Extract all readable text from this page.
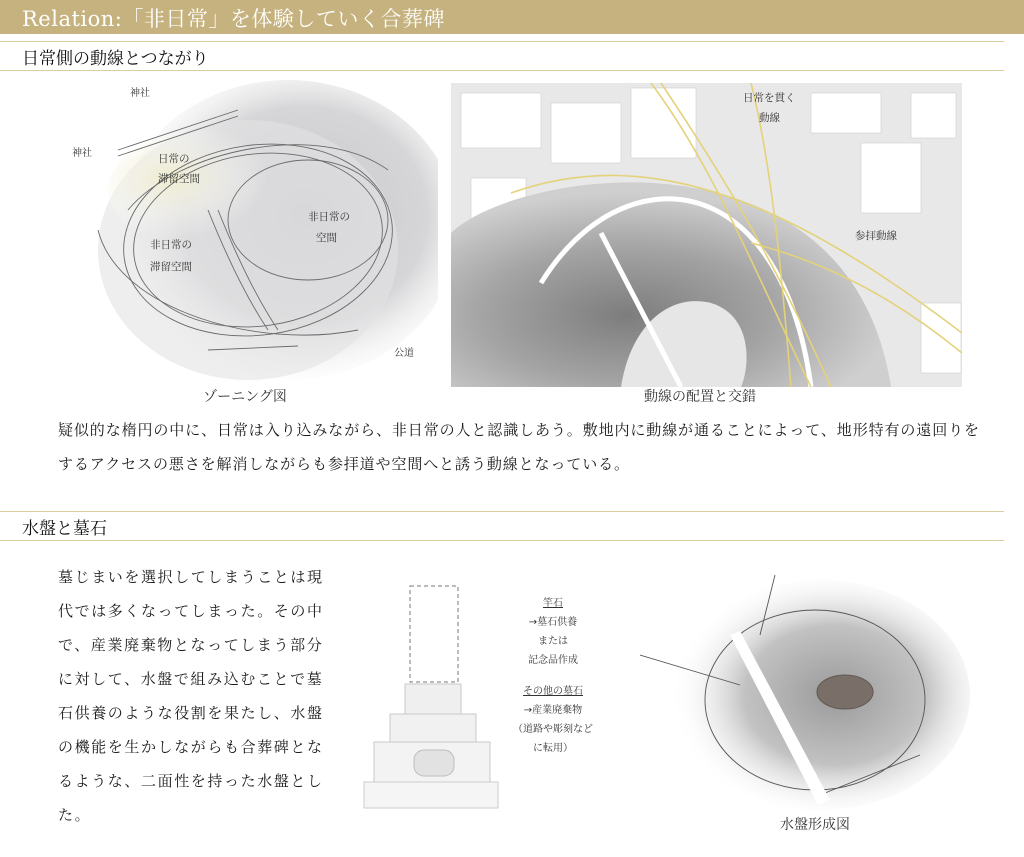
Relation:「非日常」を体験していく合葬碑
日常側の動線とつながり
神社
神社	日常の
滞留空間
非日常の
滞留空間
非日常の
空間
公道
ゾーニング図
日常を貫く
動線
参拝動線
動線の配置と交錯
疑似的な楕円の中に、日常は入り込みながら、非日常の人と認識しあう。敷地内に動線が通ることによって、地形特有の遠回りをするアクセスの悪さを解消しながらも参拝道や空間へと誘う動線となっている。
水盤と墓石
墓じまいを選択してしまうことは現代では多くなってしまった。その中で、産業廃棄物となってしまう部分に対して、水盤で組み込むことで墓石供養のような役割を果たし、水盤の機能を生かしながらも合葬碑となるような、二面性を持った水盤とした。
竿石
→墓石供養
または
記念品作成
その他の墓石
→産業廃棄物
（道路や彫刻など
に転用）
水盤形成図
